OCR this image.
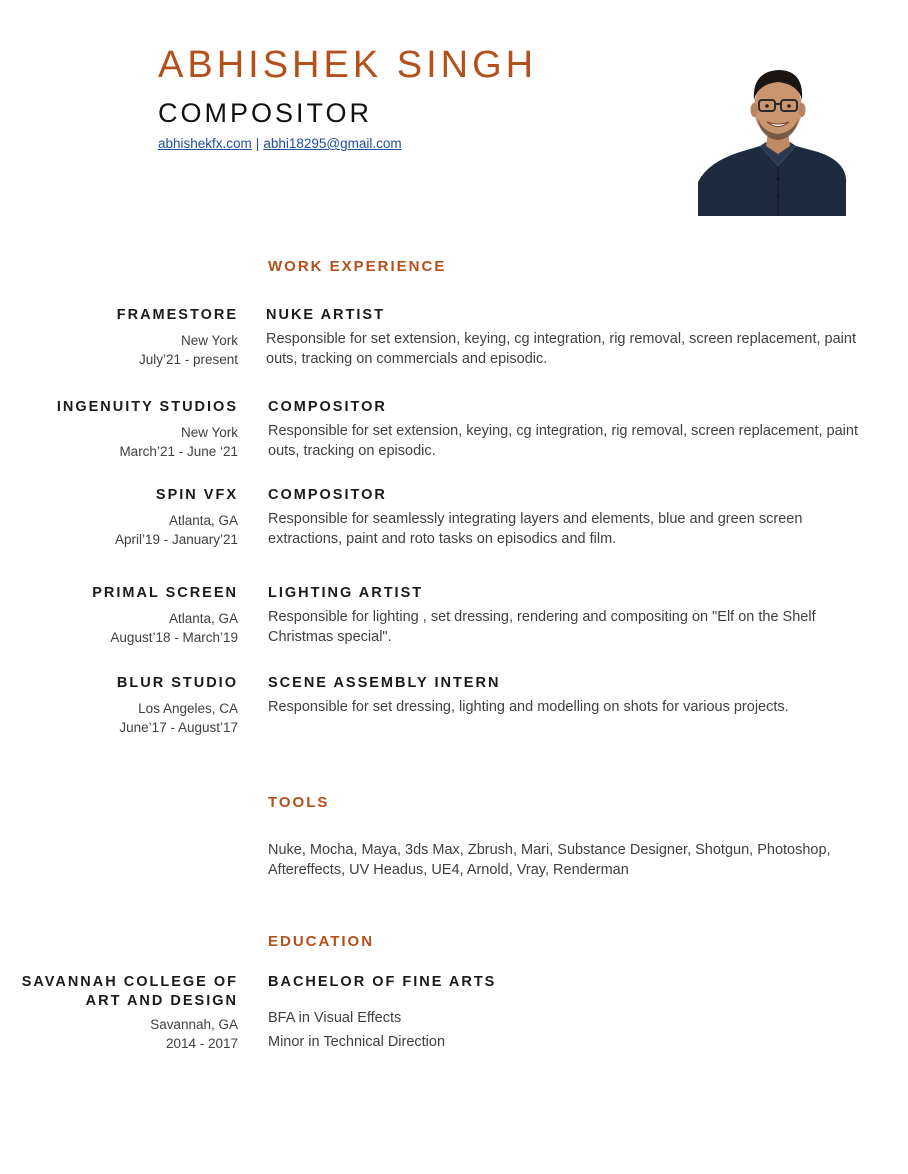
ABHISHEK SINGH
COMPOSITOR
abhishekfx.com | abhi18295@gmail.com
WORK EXPERIENCE
FRAMESTORE
New York
July’21 - present
NUKE ARTIST
Responsible for set extension, keying, cg integration, rig removal, screen replacement, paint outs, tracking on commercials and episodic.
INGENUITY STUDIOS
New York
March’21 - June ‘21
COMPOSITOR
Responsible for set extension, keying, cg integration, rig removal, screen replacement, paint outs, tracking on episodic.
SPIN VFX
Atlanta, GA
April’19 - January’21
COMPOSITOR
Responsible for seamlessly integrating layers and elements, blue and green screen extractions, paint and roto tasks on episodics and film.
PRIMAL SCREEN
Atlanta, GA
August’18 - March’19
LIGHTING ARTIST
Responsible for lighting , set dressing, rendering and compositing on "Elf on the Shelf Christmas special".
BLUR STUDIO
Los Angeles, CA
June’17 - August’17
SCENE ASSEMBLY INTERN
Responsible for set dressing, lighting and modelling on shots for various projects.
TOOLS
Nuke, Mocha, Maya, 3ds Max, Zbrush, Mari, Substance Designer, Shotgun, Photoshop, Aftereffects, UV Headus, UE4, Arnold, Vray, Renderman
EDUCATION
SAVANNAH COLLEGE OF
ART AND DESIGN
Savannah, GA
2014 - 2017
BACHELOR OF FINE ARTS
BFA in Visual Effects
Minor in Technical Direction
